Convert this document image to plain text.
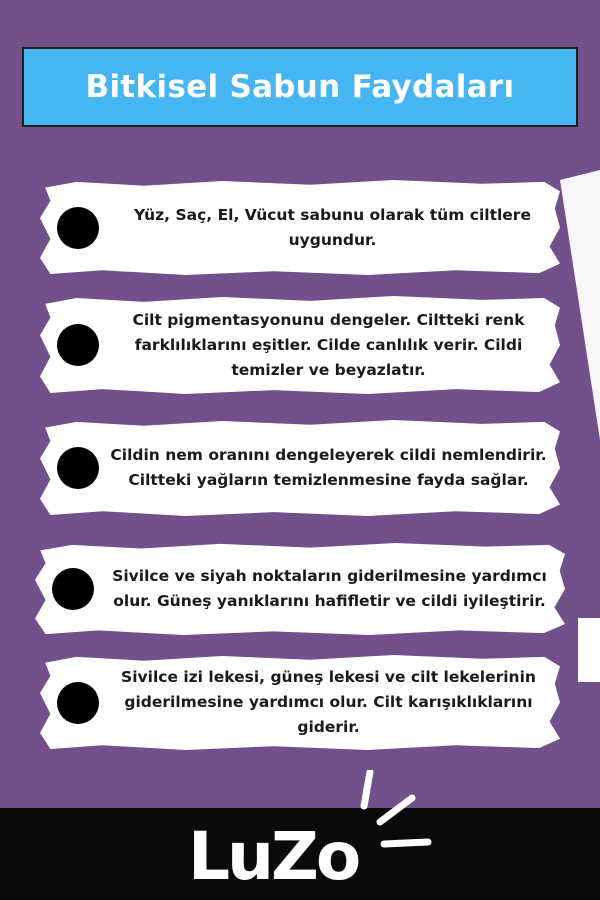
Bitkisel Sabun Faydaları
Yüz, Saç, El, Vücut sabunu olarak tüm ciltlere uygundur.
Cilt pigmentasyonunu dengeler. Ciltteki renk farklılıklarını eşitler. Cilde canlılık verir. Cildi temizler ve beyazlatır.
Cildin nem oranını dengeleyerek cildi nemlendirir. Ciltteki yağların temizlenmesine fayda sağlar.
Sivilce ve siyah noktaların giderilmesine yardımcı olur. Güneş yanıklarını hafifletir ve cildi iyileştirir.
Sivilce izi lekesi, güneş lekesi ve cilt lekelerinin giderilmesine yardımcı olur. Cilt karışıklıklarını giderir.
LuZo
